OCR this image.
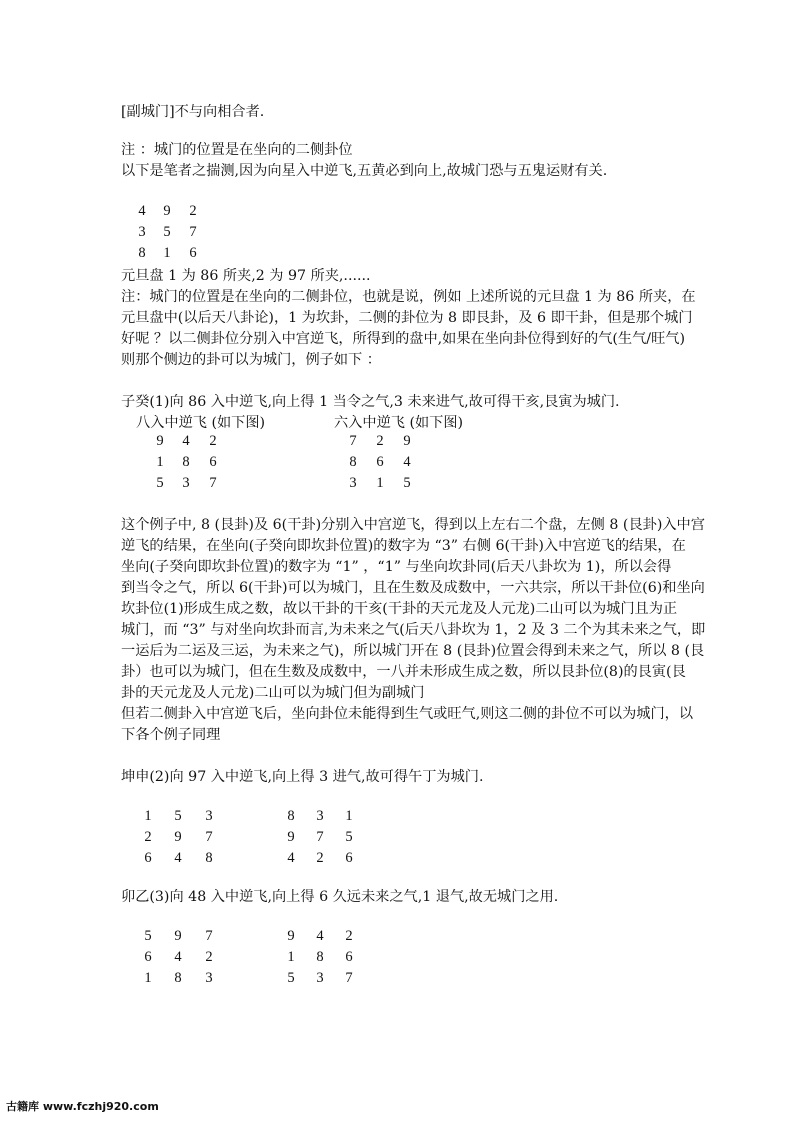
[副城门]不与向相合者.
注 ：城门的位置是在坐向的二侧卦位
以下是笔者之揣测,因为向星入中逆飞,五黄必到向上,故城门恐与五鬼运财有关.
4 9 2
3 5 7
8 1 6
元旦盘 1 为 86 所夹,2 为 97 所夹,......
注：城门的位置是在坐向的二侧卦位，也就是说，例如 上述所说的元旦盘 1 为 86 所夹，在
元旦盘中(以后天八卦论)，1 为坎卦，二侧的卦位为 8 即艮卦，及 6 即干卦，但是那个城门
好呢 ？以二侧卦位分别入中宫逆飞，所得到的盘中,如果在坐向卦位得到好的气(生气/旺气)
则那个侧边的卦可以为城门，例子如下 ：
子癸(1)向 86 入中逆飞,向上得 1 当令之气,3 未来进气,故可得干亥,艮寅为城门.
八入中逆飞 (如下图)	六入中逆飞 (如下图)
9 4 2
1 8 6
5 3 7
7 2 9
8 6 4
3 1 5
这个例子中, 8 (艮卦)及 6(干卦)分别入中宫逆飞，得到以上左右二个盘，左侧 8 (艮卦)入中宫
逆飞的结果，在坐向(子癸向即坎卦位置)的数字为 “3” 右侧 6(干卦)入中宫逆飞的结果，在
坐向(子癸向即坎卦位置)的数字为 “1” ，“1” 与坐向坎卦同(后天八卦坎为 1)，所以会得
到当令之气，所以 6(干卦)可以为城门，且在生数及成数中，一六共宗，所以干卦位(6)和坐向
坎卦位(1)形成生成之数，故以干卦的干亥(干卦的天元龙及人元龙)二山可以为城门且为正
城门，而 “3” 与对坐向坎卦而言,为未来之气(后天八卦坎为 1，2 及 3 二个为其未来之气，即
一运后为二运及三运，为未来之气)，所以城门开在 8 (艮卦)位置会得到未来之气，所以 8 (艮
卦）也可以为城门，但在生数及成数中，一八并未形成生成之数，所以艮卦位(8)的艮寅(艮
卦的天元龙及人元龙)二山可以为城门但为副城门
但若二侧卦入中宫逆飞后，坐向卦位未能得到生气或旺气,则这二侧的卦位不可以为城门，以
下各个例子同理
坤申(2)向 97 入中逆飞,向上得 3 进气,故可得午丁为城门.
1 5 3
2 9 7
6 4 8
8 3 1
9 7 5
4 2 6
卯乙(3)向 48 入中逆飞,向上得 6 久远未来之气,1 退气,故无城门之用.
5 9 7
6 4 2
1 8 3
9 4 2
1 8 6
5 3 7
古籍库 www.fczhj920.com
